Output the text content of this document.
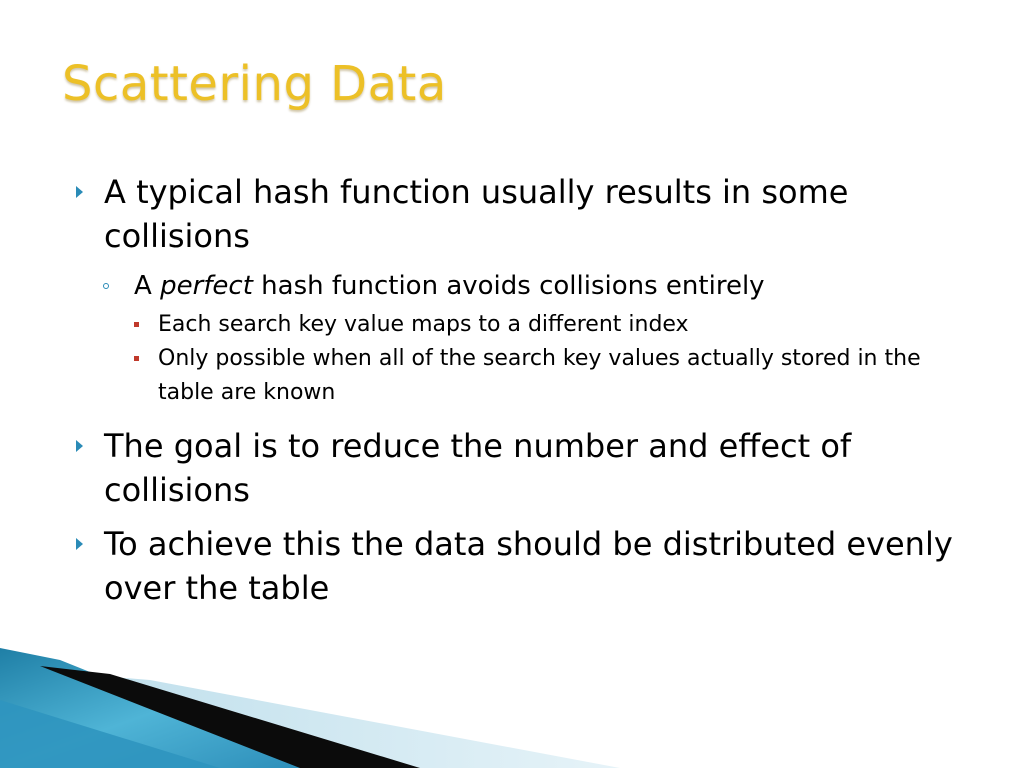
Scattering Data
A typical hash function usually results in some collisions
A perfect hash function avoids collisions entirely
Each search key value maps to a different index
Only possible when all of the search key values actually stored in the table are known
The goal is to reduce the number and effect of collisions
To achieve this the data should be distributed evenly over the table
